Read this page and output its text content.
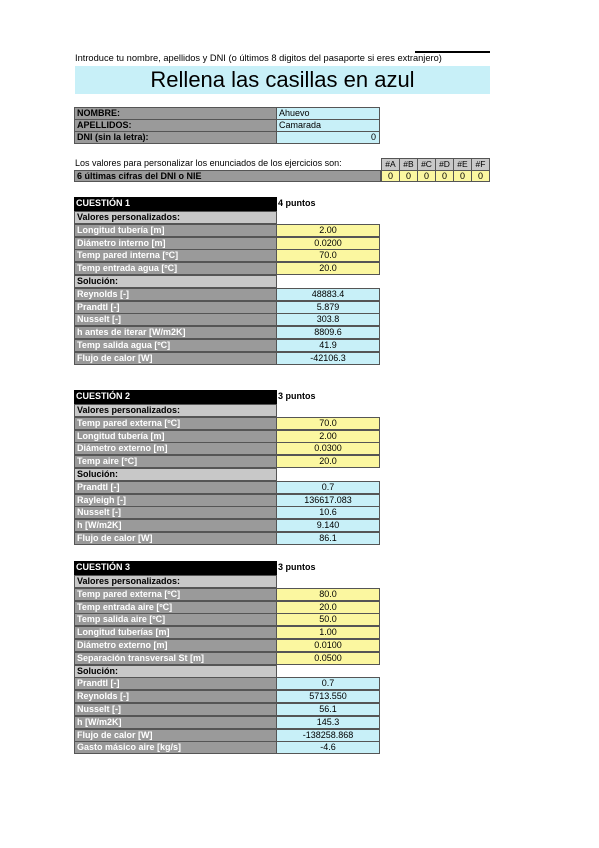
Introduce tu nombre, apellidos y DNI (o últimos 8 digitos del pasaporte si eres extranjero)
Rellena las casillas en azul
NOMBRE:	Ahuevo
APELLIDOS:	Camarada
DNI (sin la letra):	0
Los valores para personalizar los enunciados de los ejercicios son:	#A #B #C #D #E #F
6 últimas cifras del DNI o NIE	0	0	0	0	0	0
CUESTIÓN 1	4 puntos
Valores personalizados:
Longitud tubería [m]	2.00
Diámetro interno [m]	0.0200
Temp pared interna [ºC]	70.0
Temp entrada agua [ºC]	20.0
Solución:
Reynolds [-]	48883.4
Prandtl [-]	5.879
Nusselt [-]	303.8
h antes de iterar [W/m2K]	8809.6
Temp salida agua [ºC]	41.9
Flujo de calor [W]	-42106.3
CUESTIÓN 2	3 puntos
Valores personalizados:
Temp pared externa [ºC]	70.0
Longitud tubería [m]	2.00
Diámetro externo [m]	0.0300
Temp aire [ºC]	20.0
Solución:
Prandtl [-]	0.7
Rayleigh [-]	136617.083
Nusselt [-]	10.6
h [W/m2K]	9.140
Flujo de calor [W]	86.1
CUESTIÓN 3	3 puntos
Valores personalizados:
Temp pared externa [ºC]	80.0
Temp entrada aire [ºC]	20.0
Temp salida aire [ºC]	50.0
Longitud tuberías [m]	1.00
Diámetro externo [m]	0.0100
Separación transversal St [m]	0.0500
Solución:
Prandtl [-]	0.7
Reynolds [-]	5713.550
Nusselt [-]	56.1
h [W/m2K]	145.3
Flujo de calor [W]	-138258.868
Gasto másico aire [kg/s]	-4.6
